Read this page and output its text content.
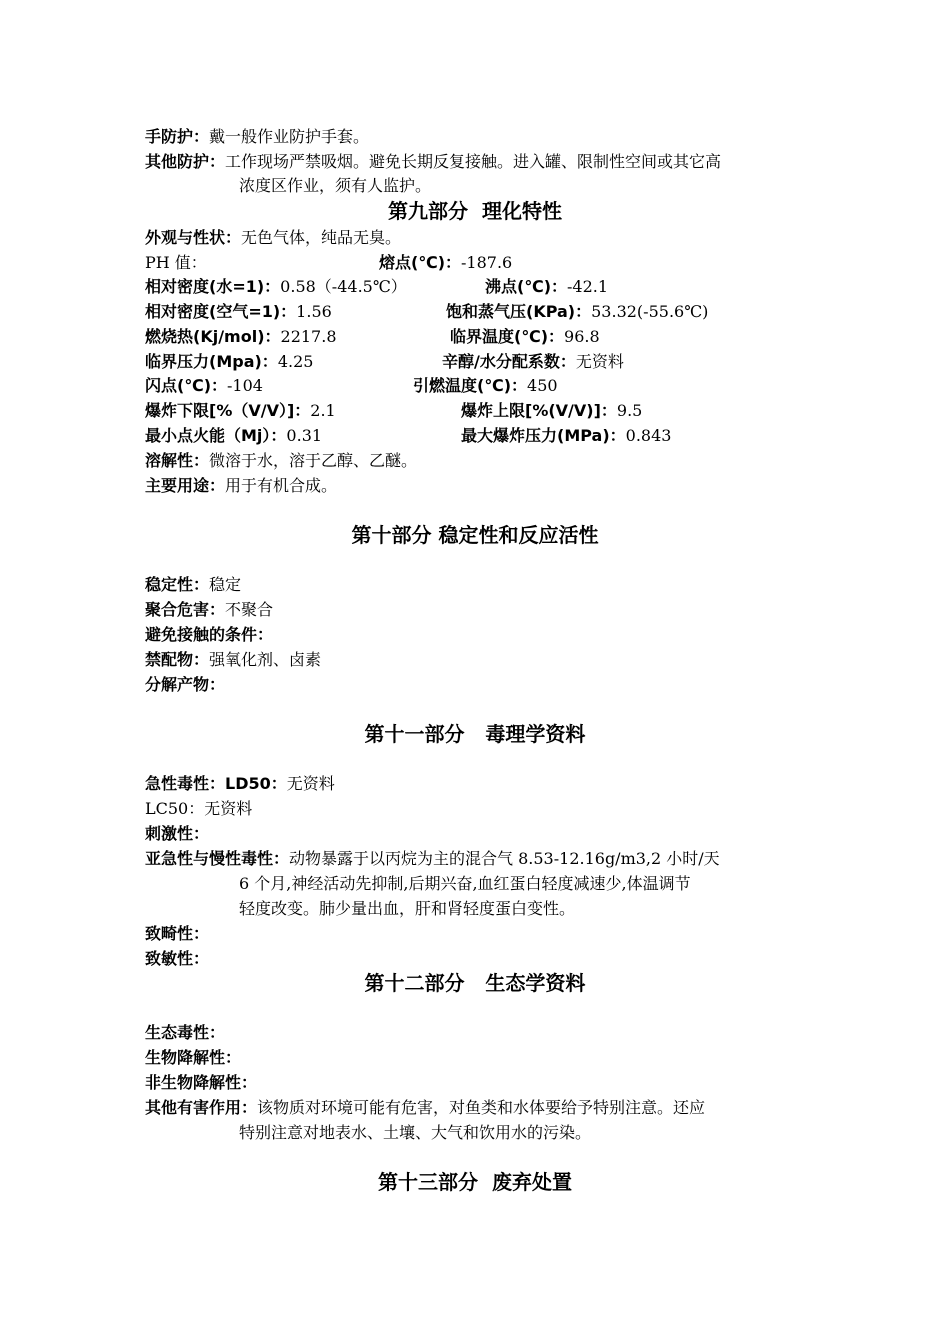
手防护：戴一般作业防护手套。
其他防护：工作现场严禁吸烟。避免长期反复接触。进入罐、限制性空间或其它高
浓度区作业，须有人监护。
第九部分  理化特性
外观与性状：无色气体，纯品无臭。
PH 值：	熔点(℃)：-187.6
相对密度(水=1)：0.58（-44.5℃）	沸点(℃)：-42.1
相对密度(空气=1)：1.56	饱和蒸气压(KPa)：53.32(-55.6℃)
燃烧热(Kj/mol)：2217.8	临界温度(℃)：96.8
临界压力(Mpa)：4.25	辛醇/水分配系数：无资料
闪点(℃)：-104	引燃温度(℃)：450
爆炸下限[%（V/V）]：2.1	爆炸上限[%(V/V)]：9.5
最小点火能（Mj）：0.31	最大爆炸压力(MPa)：0.843
溶解性：微溶于水，溶于乙醇、乙醚。
主要用途：用于有机合成。
第十部分 稳定性和反应活性
稳定性：稳定
聚合危害：不聚合
避免接触的条件：
禁配物：强氧化剂、卤素
分解产物：
第十一部分   毒理学资料
急性毒性：LD50：无资料
LC50：无资料
刺激性：
亚急性与慢性毒性：动物暴露于以丙烷为主的混合气 8.53-12.16g/m3,2 小时/天
6 个月,神经活动先抑制,后期兴奋,血红蛋白轻度减速少,体温调节
轻度改变。肺少量出血，肝和肾轻度蛋白变性。
致畸性：
致敏性：
第十二部分   生态学资料
生态毒性：
生物降解性：
非生物降解性：
其他有害作用：该物质对环境可能有危害，对鱼类和水体要给予特别注意。还应
特别注意对地表水、土壤、大气和饮用水的污染。
第十三部分  废弃处置
